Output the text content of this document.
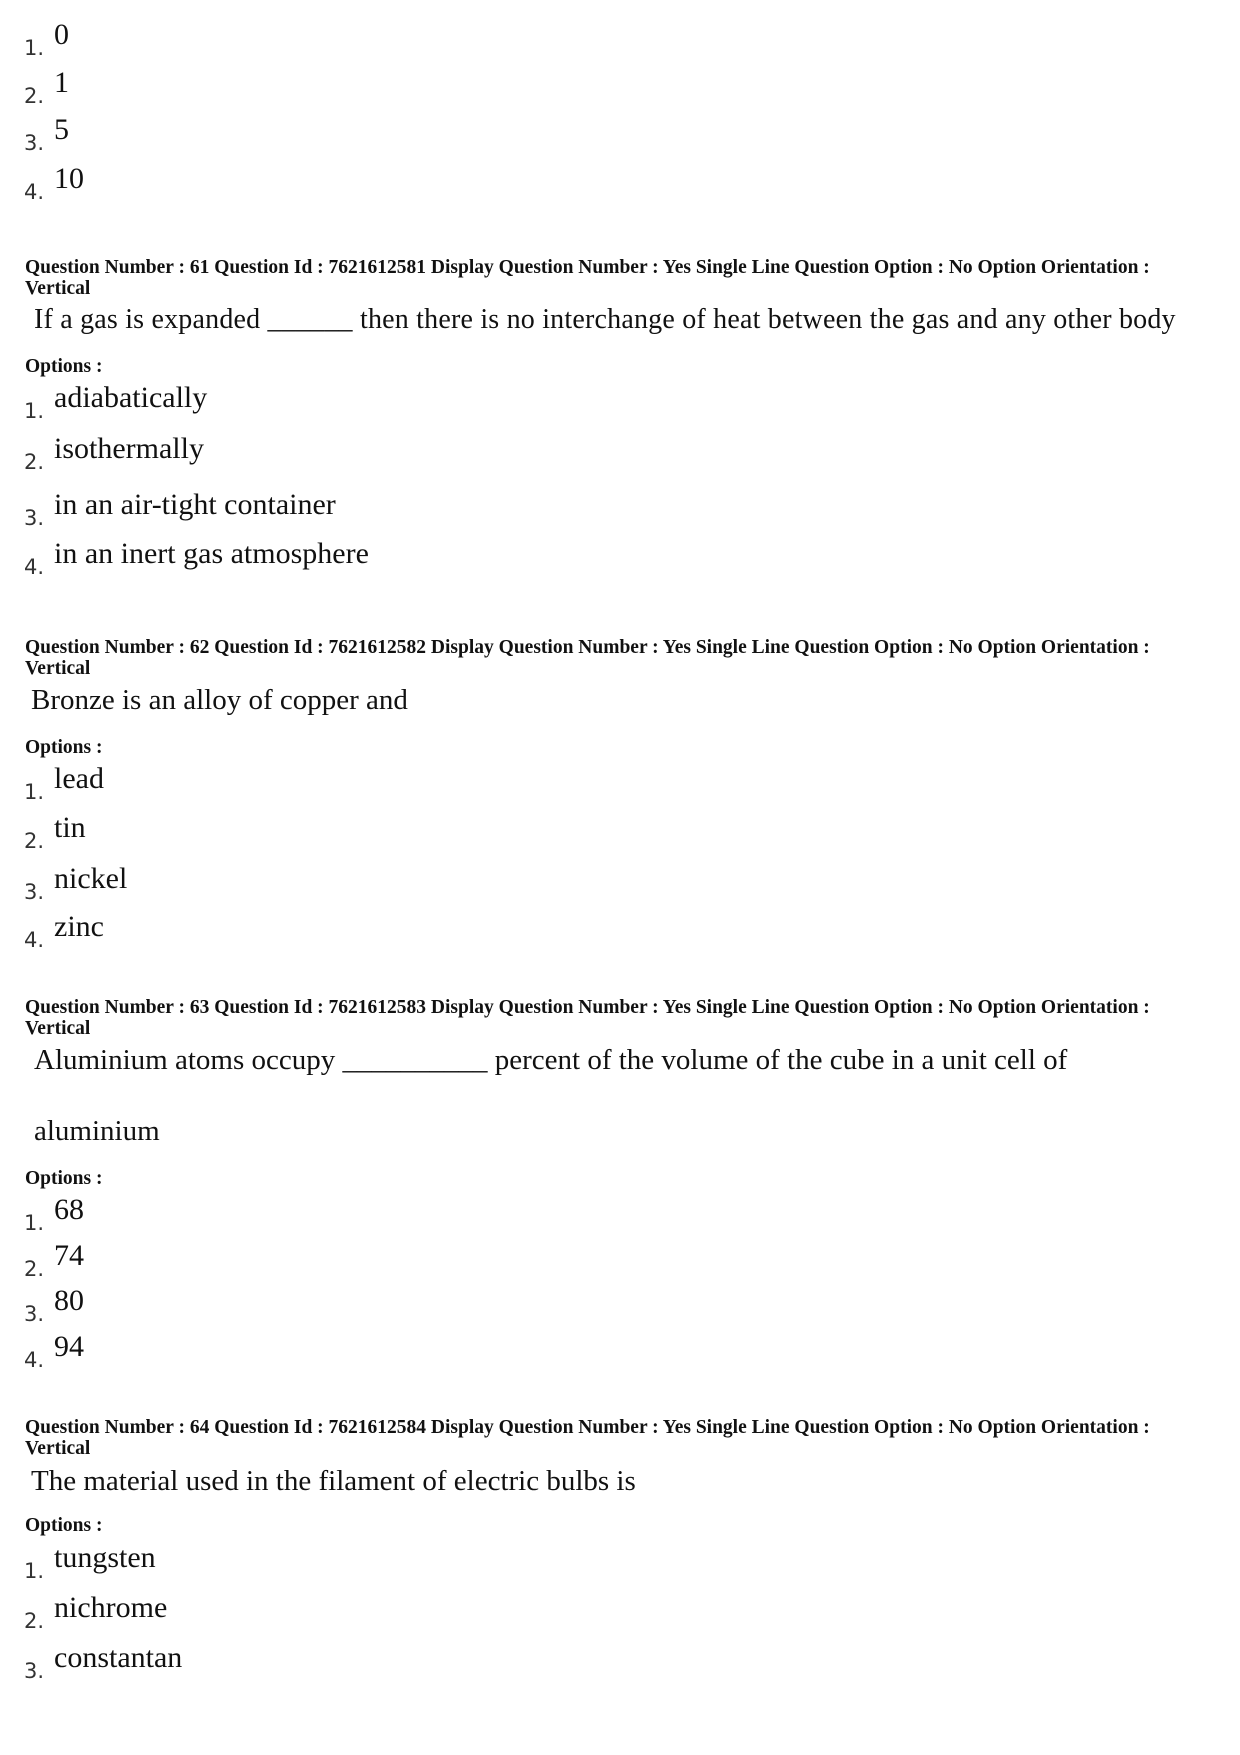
1. 0
2. 1
3. 5
4. 10
Question Number : 61 Question Id : 7621612581 Display Question Number : Yes Single Line Question Option : No Option Orientation : Vertical
If a gas is expanded ______ then there is no interchange of heat between the gas and any other body
Options :
1. adiabatically
2. isothermally
3. in an air-tight container
4. in an inert gas atmosphere
Question Number : 62 Question Id : 7621612582 Display Question Number : Yes Single Line Question Option : No Option Orientation : Vertical
Bronze is an alloy of copper and
Options :
1. lead
2. tin
3. nickel
4. zinc
Question Number : 63 Question Id : 7621612583 Display Question Number : Yes Single Line Question Option : No Option Orientation : Vertical
Aluminium atoms occupy __________ percent of the volume of the cube in a unit cell of
aluminium
Options :
1. 68
2. 74
3. 80
4. 94
Question Number : 64 Question Id : 7621612584 Display Question Number : Yes Single Line Question Option : No Option Orientation : Vertical
The material used in the filament of electric bulbs is
Options :
1. tungsten
2. nichrome
3. constantan
